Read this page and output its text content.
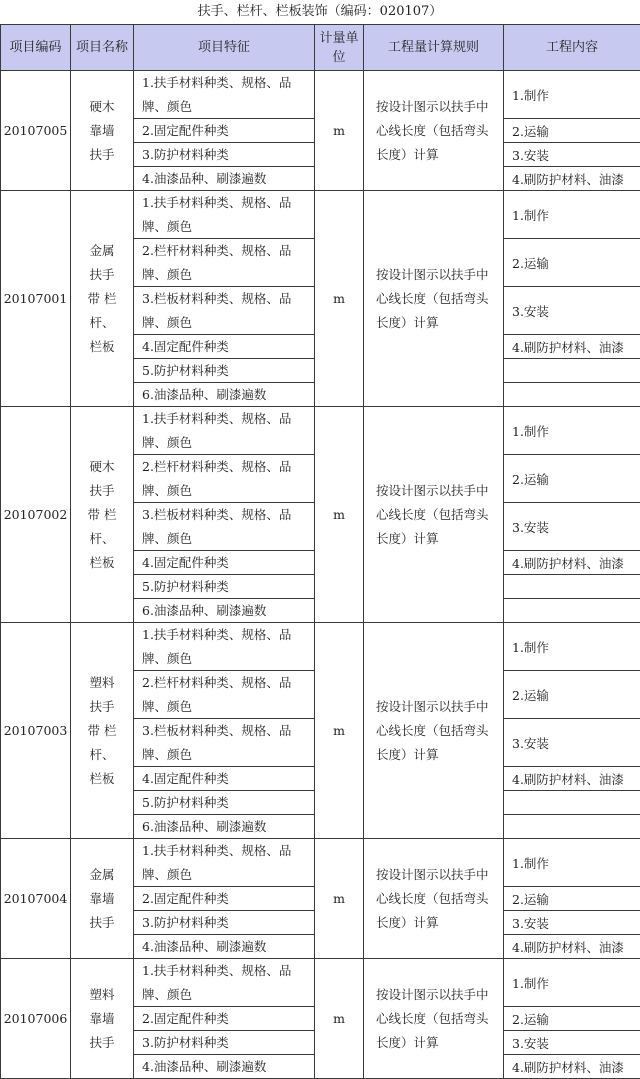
扶手、栏杆、栏板装饰（编码：020107）
项目编码	项目名称	项目特征	计量单位	工程量计算规则	工程内容
20107005	硬木靠墙扶手	1.扶手材料种类、规格、品牌、颜色	m	按设计图示以扶手中心线长度（包括弯头长度）计算	1.制作

		2.固定配件种类			2.运输
		3.防护材料种类			3.安装
		4.油漆品种、刷漆遍数			4.刷防护材料、油漆
20107001	金属扶手带 栏杆、栏板	1.扶手材料种类、规格、品牌、颜色	m	按设计图示以扶手中心线长度（包括弯头长度）计算	1.制作

		2.栏杆材料种类、规格、品牌、颜色			2.运输

		3.栏板材料种类、规格、品牌、颜色			3.安装

		4.固定配件种类			4.刷防护材料、油漆
		5.防护材料种类			
		6.油漆品种、刷漆遍数			
20107002	硬木扶手带 栏杆、栏板	1.扶手材料种类、规格、品牌、颜色	m	按设计图示以扶手中心线长度（包括弯头长度）计算	1.制作

		2.栏杆材料种类、规格、品牌、颜色			2.运输

		3.栏板材料种类、规格、品牌、颜色			3.安装

		4.固定配件种类			4.刷防护材料、油漆
		5.防护材料种类			
		6.油漆品种、刷漆遍数			
20107003	塑料扶手带 栏杆、栏板	1.扶手材料种类、规格、品牌、颜色	m	按设计图示以扶手中心线长度（包括弯头长度）计算	1.制作

		2.栏杆材料种类、规格、品牌、颜色			2.运输

		3.栏板材料种类、规格、品牌、颜色			3.安装

		4.固定配件种类			4.刷防护材料、油漆
		5.防护材料种类			
		6.油漆品种、刷漆遍数			
20107004	金属靠墙扶手	1.扶手材料种类、规格、品牌、颜色	m	按设计图示以扶手中心线长度（包括弯头长度）计算	1.制作

		2.固定配件种类			2.运输
		3.防护材料种类			3.安装
		4.油漆品种、刷漆遍数			4.刷防护材料、油漆
20107006	塑料靠墙扶手	1.扶手材料种类、规格、品牌、颜色	m	按设计图示以扶手中心线长度（包括弯头长度）计算	1.制作

		2.固定配件种类			2.运输
		3.防护材料种类			3.安装
		4.油漆品种、刷漆遍数			4.刷防护材料、油漆
